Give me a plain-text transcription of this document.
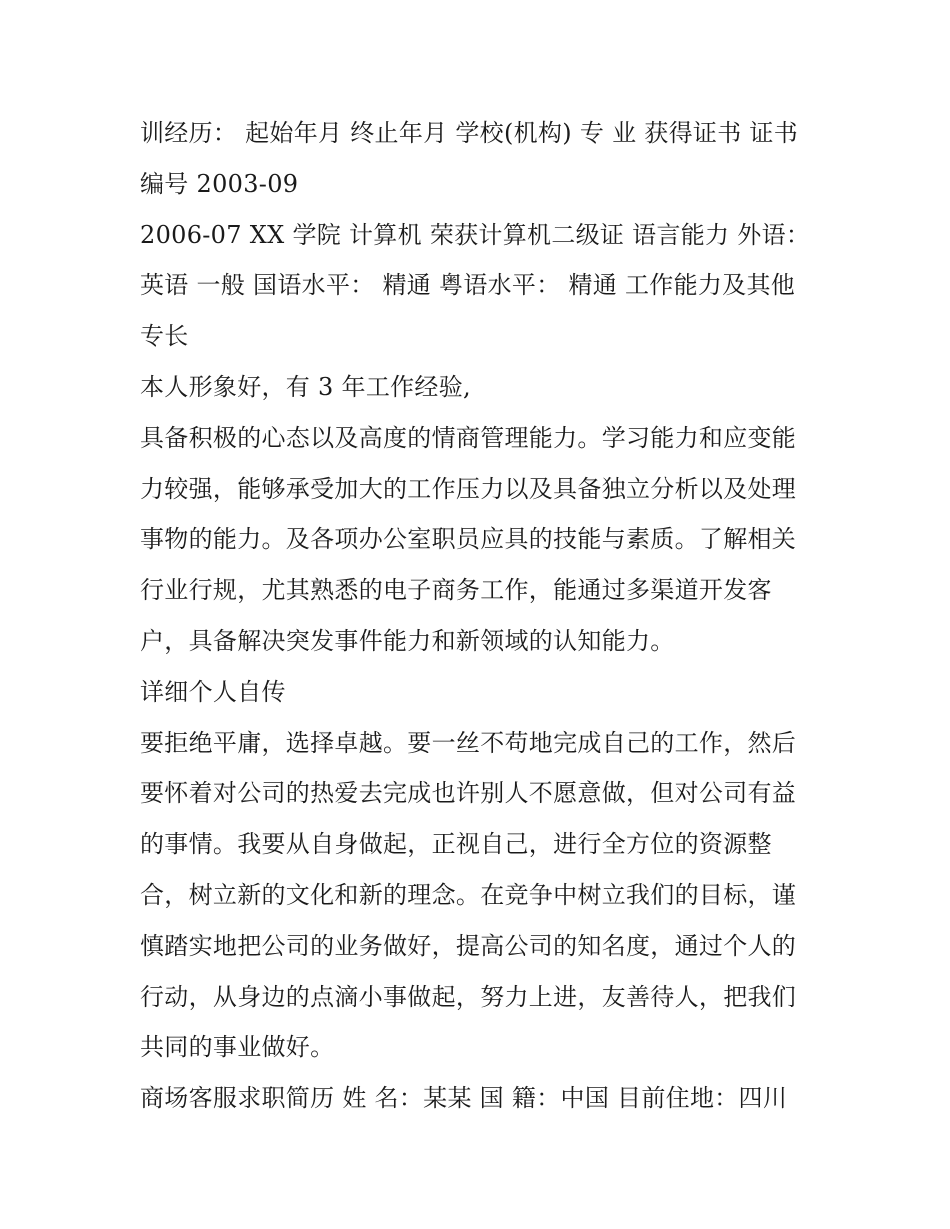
训经历： 起始年月 终止年月 学校(机构) 专 业 获得证书 证书
编号 2003-09
2006-07 XX 学院 计算机 荣获计算机二级证 语言能力 外语：
英语 一般 国语水平： 精通 粤语水平： 精通 工作能力及其他
专长
本人形象好，有 3 年工作经验,
具备积极的心态以及高度的情商管理能力。学习能力和应变能
力较强，能够承受加大的工作压力以及具备独立分析以及处理
事物的能力。及各项办公室职员应具的技能与素质。了解相关
行业行规，尤其熟悉的电子商务工作，能通过多渠道开发客
户，具备解决突发事件能力和新领域的认知能力。
详细个人自传
要拒绝平庸，选择卓越。要一丝不苟地完成自己的工作，然后
要怀着对公司的热爱去完成也许别人不愿意做，但对公司有益
的事情。我要从自身做起，正视自己，进行全方位的资源整
合，树立新的文化和新的理念。在竞争中树立我们的目标，谨
慎踏实地把公司的业务做好，提高公司的知名度，通过个人的
行动，从身边的点滴小事做起，努力上进，友善待人，把我们
共同的事业做好。
商场客服求职简历 姓 名：某某 国 籍：中国 目前住地：四川
